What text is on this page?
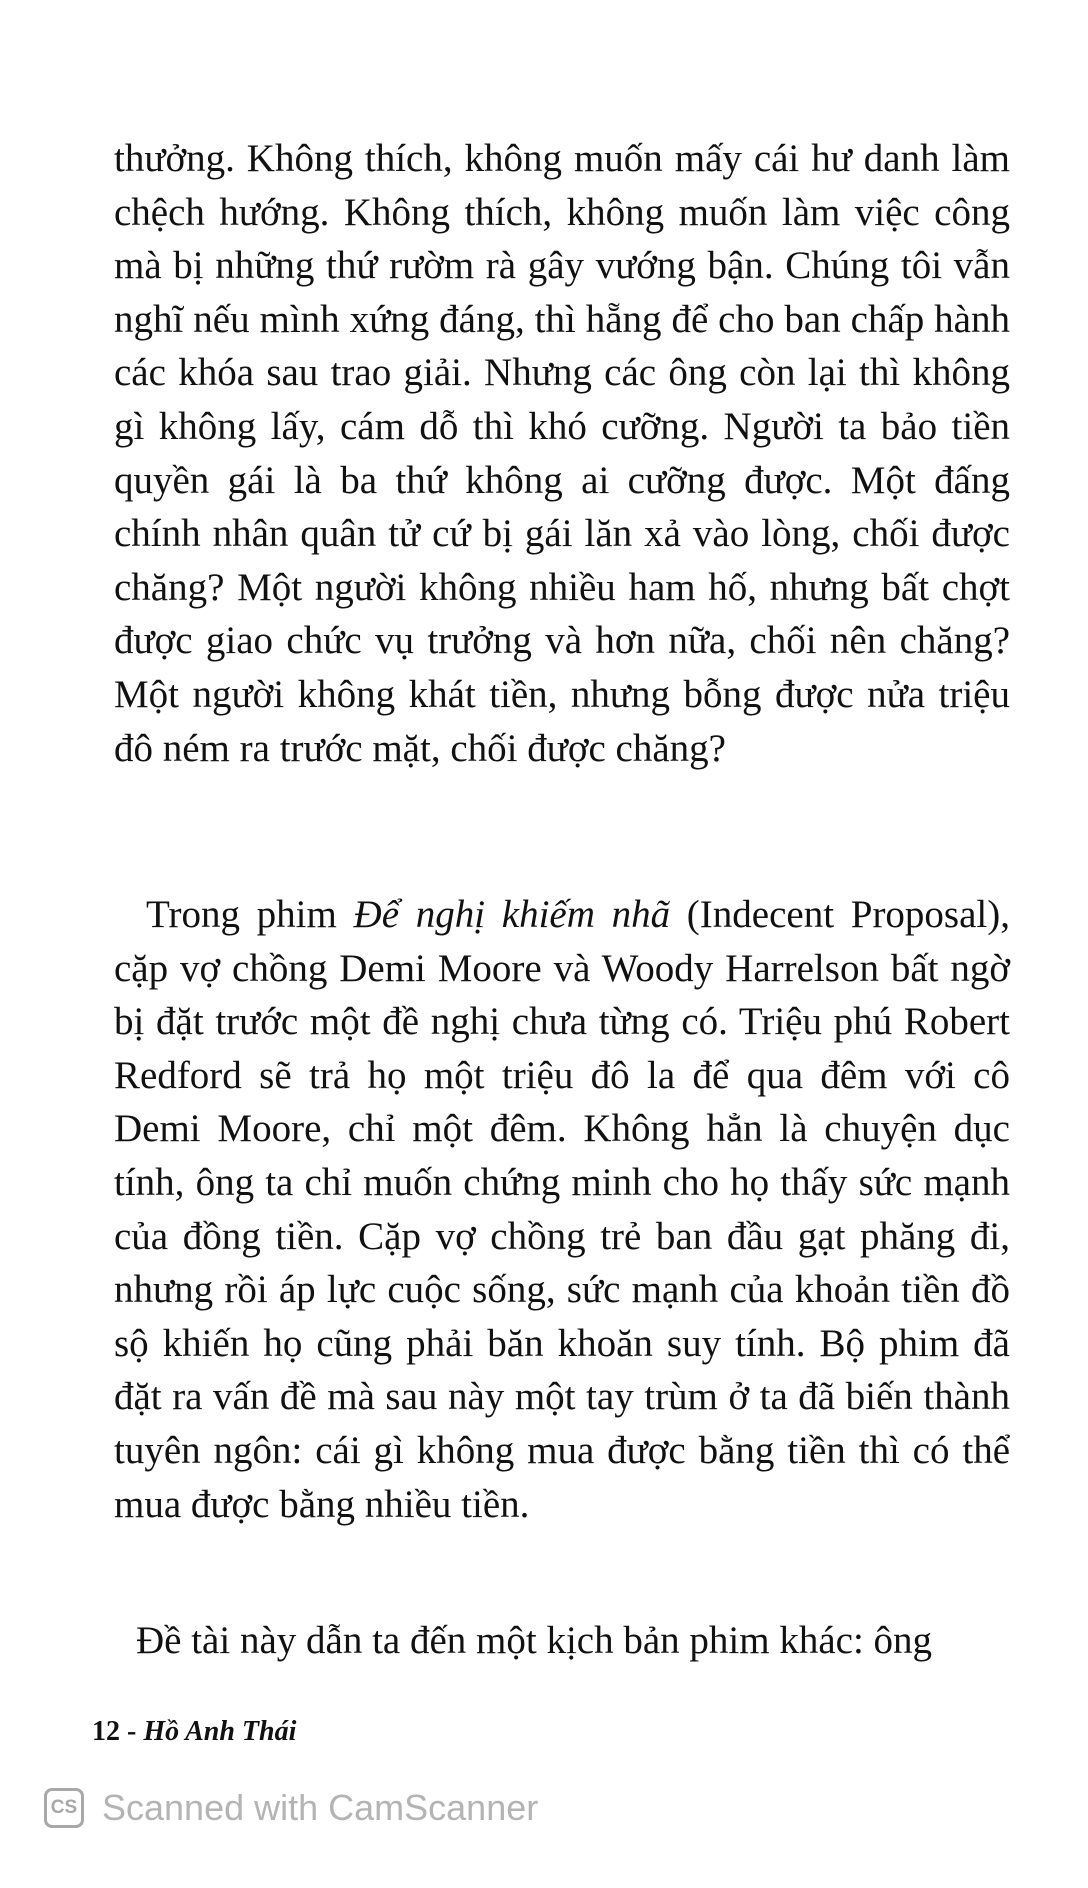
thưởng. Không thích, không muốn mấy cái hư danh làm chệch hướng. Không thích, không muốn làm việc công mà bị những thứ rườm rà gây vướng bận. Chúng tôi vẫn nghĩ nếu mình xứng đáng, thì hẵng để cho ban chấp hành các khóa sau trao giải. Nhưng các ông còn lại thì không gì không lấy, cám dỗ thì khó cưỡng. Người ta bảo tiền quyền gái là ba thứ không ai cưỡng được. Một đấng chính nhân quân tử cứ bị gái lăn xả vào lòng, chối được chăng? Một người không nhiều ham hố, nhưng bất chợt được giao chức vụ trưởng và hơn nữa, chối nên chăng? Một người không khát tiền, nhưng bỗng được nửa triệu đô ném ra trước mặt, chối được chăng?

Trong phim Để nghị khiếm nhã (Indecent Proposal), cặp vợ chồng Demi Moore và Woody Harrelson bất ngờ bị đặt trước một đề nghị chưa từng có. Triệu phú Robert Redford sẽ trả họ một triệu đô la để qua đêm với cô Demi Moore, chỉ một đêm. Không hẳn là chuyện dục tính, ông ta chỉ muốn chứng minh cho họ thấy sức mạnh của đồng tiền. Cặp vợ chồng trẻ ban đầu gạt phăng đi, nhưng rồi áp lực cuộc sống, sức mạnh của khoản tiền đồ sộ khiến họ cũng phải băn khoăn suy tính. Bộ phim đã đặt ra vấn đề mà sau này một tay trùm ở ta đã biến thành tuyên ngôn: cái gì không mua được bằng tiền thì có thể mua được bằng nhiều tiền.

Đề tài này dẫn ta đến một kịch bản phim khác: ông

12 - Hồ Anh Thái
CS Scanned with CamScanner
